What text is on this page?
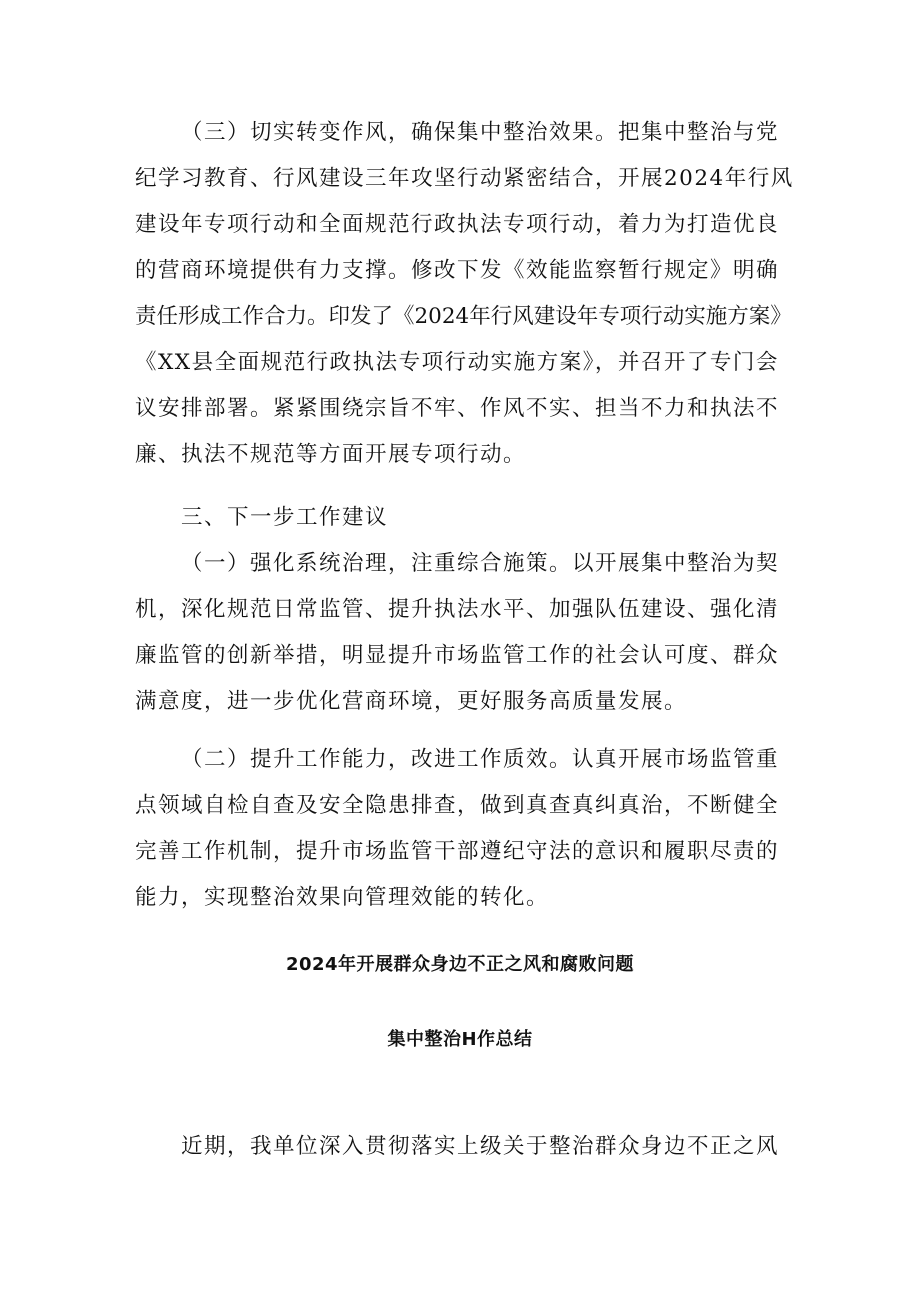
（三）切实转变作风，确保集中整治效果。把集中整治与党
纪学习教育、行风建设三年攻坚行动紧密结合，开展2024年行风
建设年专项行动和全面规范行政执法专项行动，着力为打造优良
的营商环境提供有力支撑。修改下发《效能监察暂行规定》明确
责任形成工作合力。印发了《2024年行风建设年专项行动实施方案》
《XX县全面规范行政执法专项行动实施方案》，并召开了专门会
议安排部署。紧紧围绕宗旨不牢、作风不实、担当不力和执法不
廉、执法不规范等方面开展专项行动。
三、下一步工作建议
（一）强化系统治理，注重综合施策。以开展集中整治为契
机，深化规范日常监管、提升执法水平、加强队伍建设、强化清
廉监管的创新举措，明显提升市场监管工作的社会认可度、群众
满意度，进一步优化营商环境，更好服务高质量发展。
（二）提升工作能力，改进工作质效。认真开展市场监管重
点领域自检自查及安全隐患排查，做到真查真纠真治，不断健全
完善工作机制，提升市场监管干部遵纪守法的意识和履职尽责的
能力，实现整治效果向管理效能的转化。
2024年开展群众身边不正之风和腐败问题
集中整治H作总结
近期，我单位深入贯彻落实上级关于整治群众身边不正之风
